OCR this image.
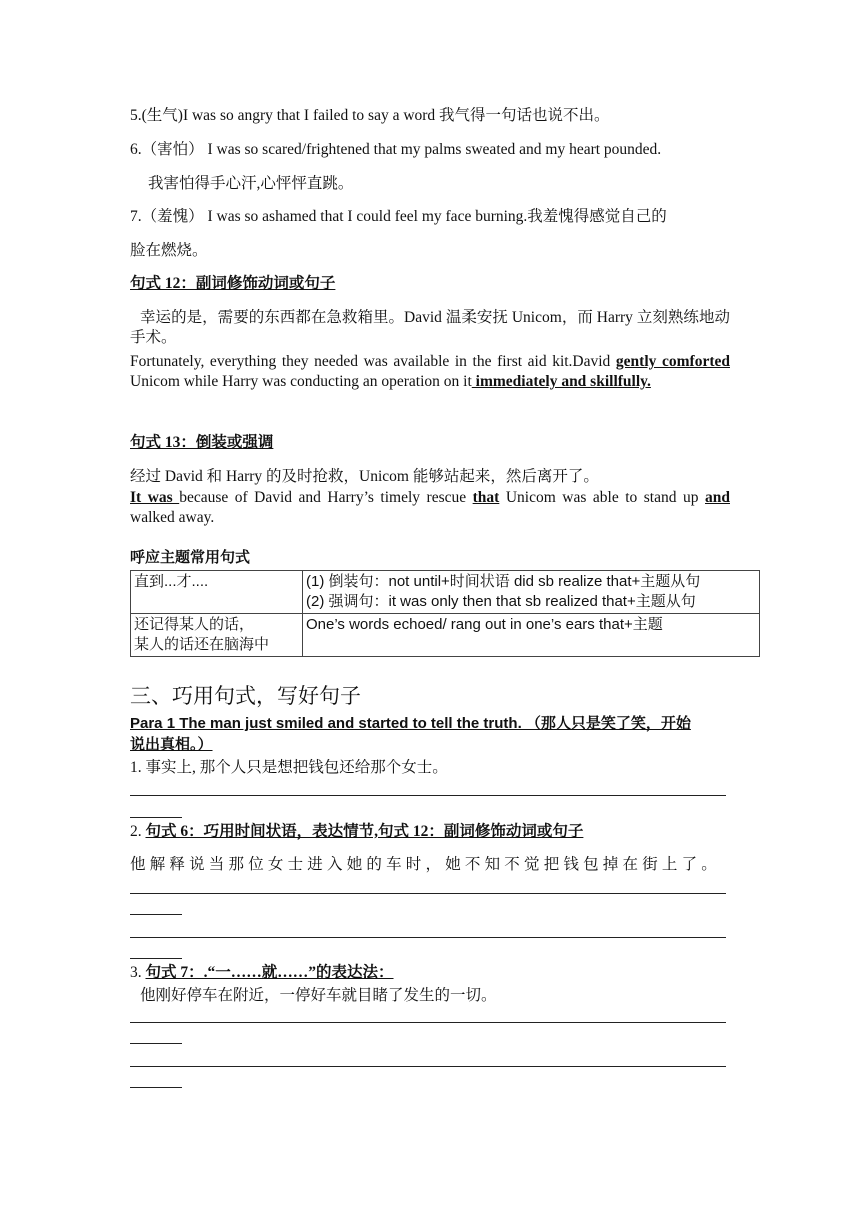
5.(生气)I was so angry that I failed to say a word 我气得一句话也说不出。
6.（害怕） I was so scared/frightened that my palms sweated and my heart pounded.
我害怕得手心汗,心怦怦直跳。
7.（羞愧） I was so ashamed that I could feel my face burning.我羞愧得感觉自己的
脸在燃烧。
句式 12：副词修饰动词或句子
幸运的是，需要的东西都在急救箱里。David 温柔安抚 Unicom，而 Harry 立刻熟练地动手术。
Fortunately, everything they needed was available in the first aid kit.David gently comforted Unicom while Harry was conducting an operation on it immediately and skillfully.
句式 13：倒装或强调
经过 David 和 Harry 的及时抢救，Unicom 能够站起来，然后离开了。
It was because of David and Harry’s timely rescue that Unicom was able to stand up and walked away.
呼应主题常用句式
直到...才....	(1) 倒装句：not until+时间状语 did sb realize that+主题从句
(2) 强调句：it was only then that sb realized that+主题从句

还记得某人的话，
某人的话还在脑海中	One’s words echoed/ rang out in one’s ears that+主题
三、巧用句式，写好句子
Para 1 The man just smiled and started to tell the truth. （那人只是笑了笑，开始
说出真相。）
1. 事实上, 那个人只是想把钱包还给那个女士。
2. 句式 6：巧用时间状语，表达情节,句式 12：副词修饰动词或句子
他解释说当那位女士进入她的车时，她不知不觉把钱包掉在街上了。
3. 句式 7：.“一……就……”的表达法：
他刚好停车在附近，一停好车就目睹了发生的一切。
